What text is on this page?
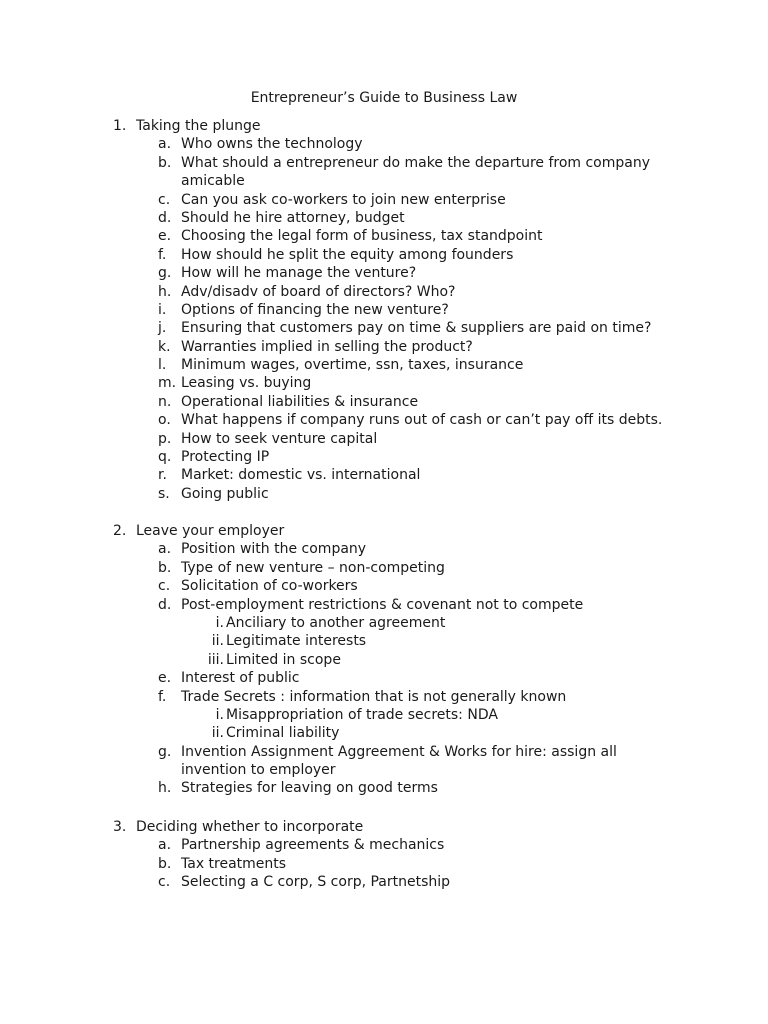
Entrepreneur’s Guide to Business Law
1. Taking the plunge
a. Who owns the technology
b. What should a entrepreneur do make the departure from company amicable
c. Can you ask co-workers to join new enterprise
d. Should he hire attorney, budget
e. Choosing the legal form of business, tax standpoint
f. How should he split the equity among founders
g. How will he manage the venture?
h. Adv/disadv of board of directors? Who?
i. Options of financing the new venture?
j. Ensuring that customers pay on time & suppliers are paid on time?
k. Warranties implied in selling the product?
l. Minimum wages, overtime, ssn, taxes, insurance
m. Leasing vs. buying
n. Operational liabilities & insurance
o. What happens if company runs out of cash or can’t pay off its debts.
p. How to seek venture capital
q. Protecting IP
r. Market: domestic vs. international
s. Going public
2. Leave your employer
a. Position with the company
b. Type of new venture – non-competing
c. Solicitation of co-workers
d. Post-employment restrictions & covenant not to compete
i. Anciliary to another agreement
ii. Legitimate interests
iii. Limited in scope
e. Interest of public
f. Trade Secrets : information that is not generally known
i. Misappropriation of trade secrets: NDA
ii. Criminal liability
g. Invention Assignment Aggreement & Works for hire: assign all invention to employer
h. Strategies for leaving on good terms
3. Deciding whether to incorporate
a. Partnership agreements & mechanics
b. Tax treatments
c. Selecting a C corp, S corp, Partnetship
